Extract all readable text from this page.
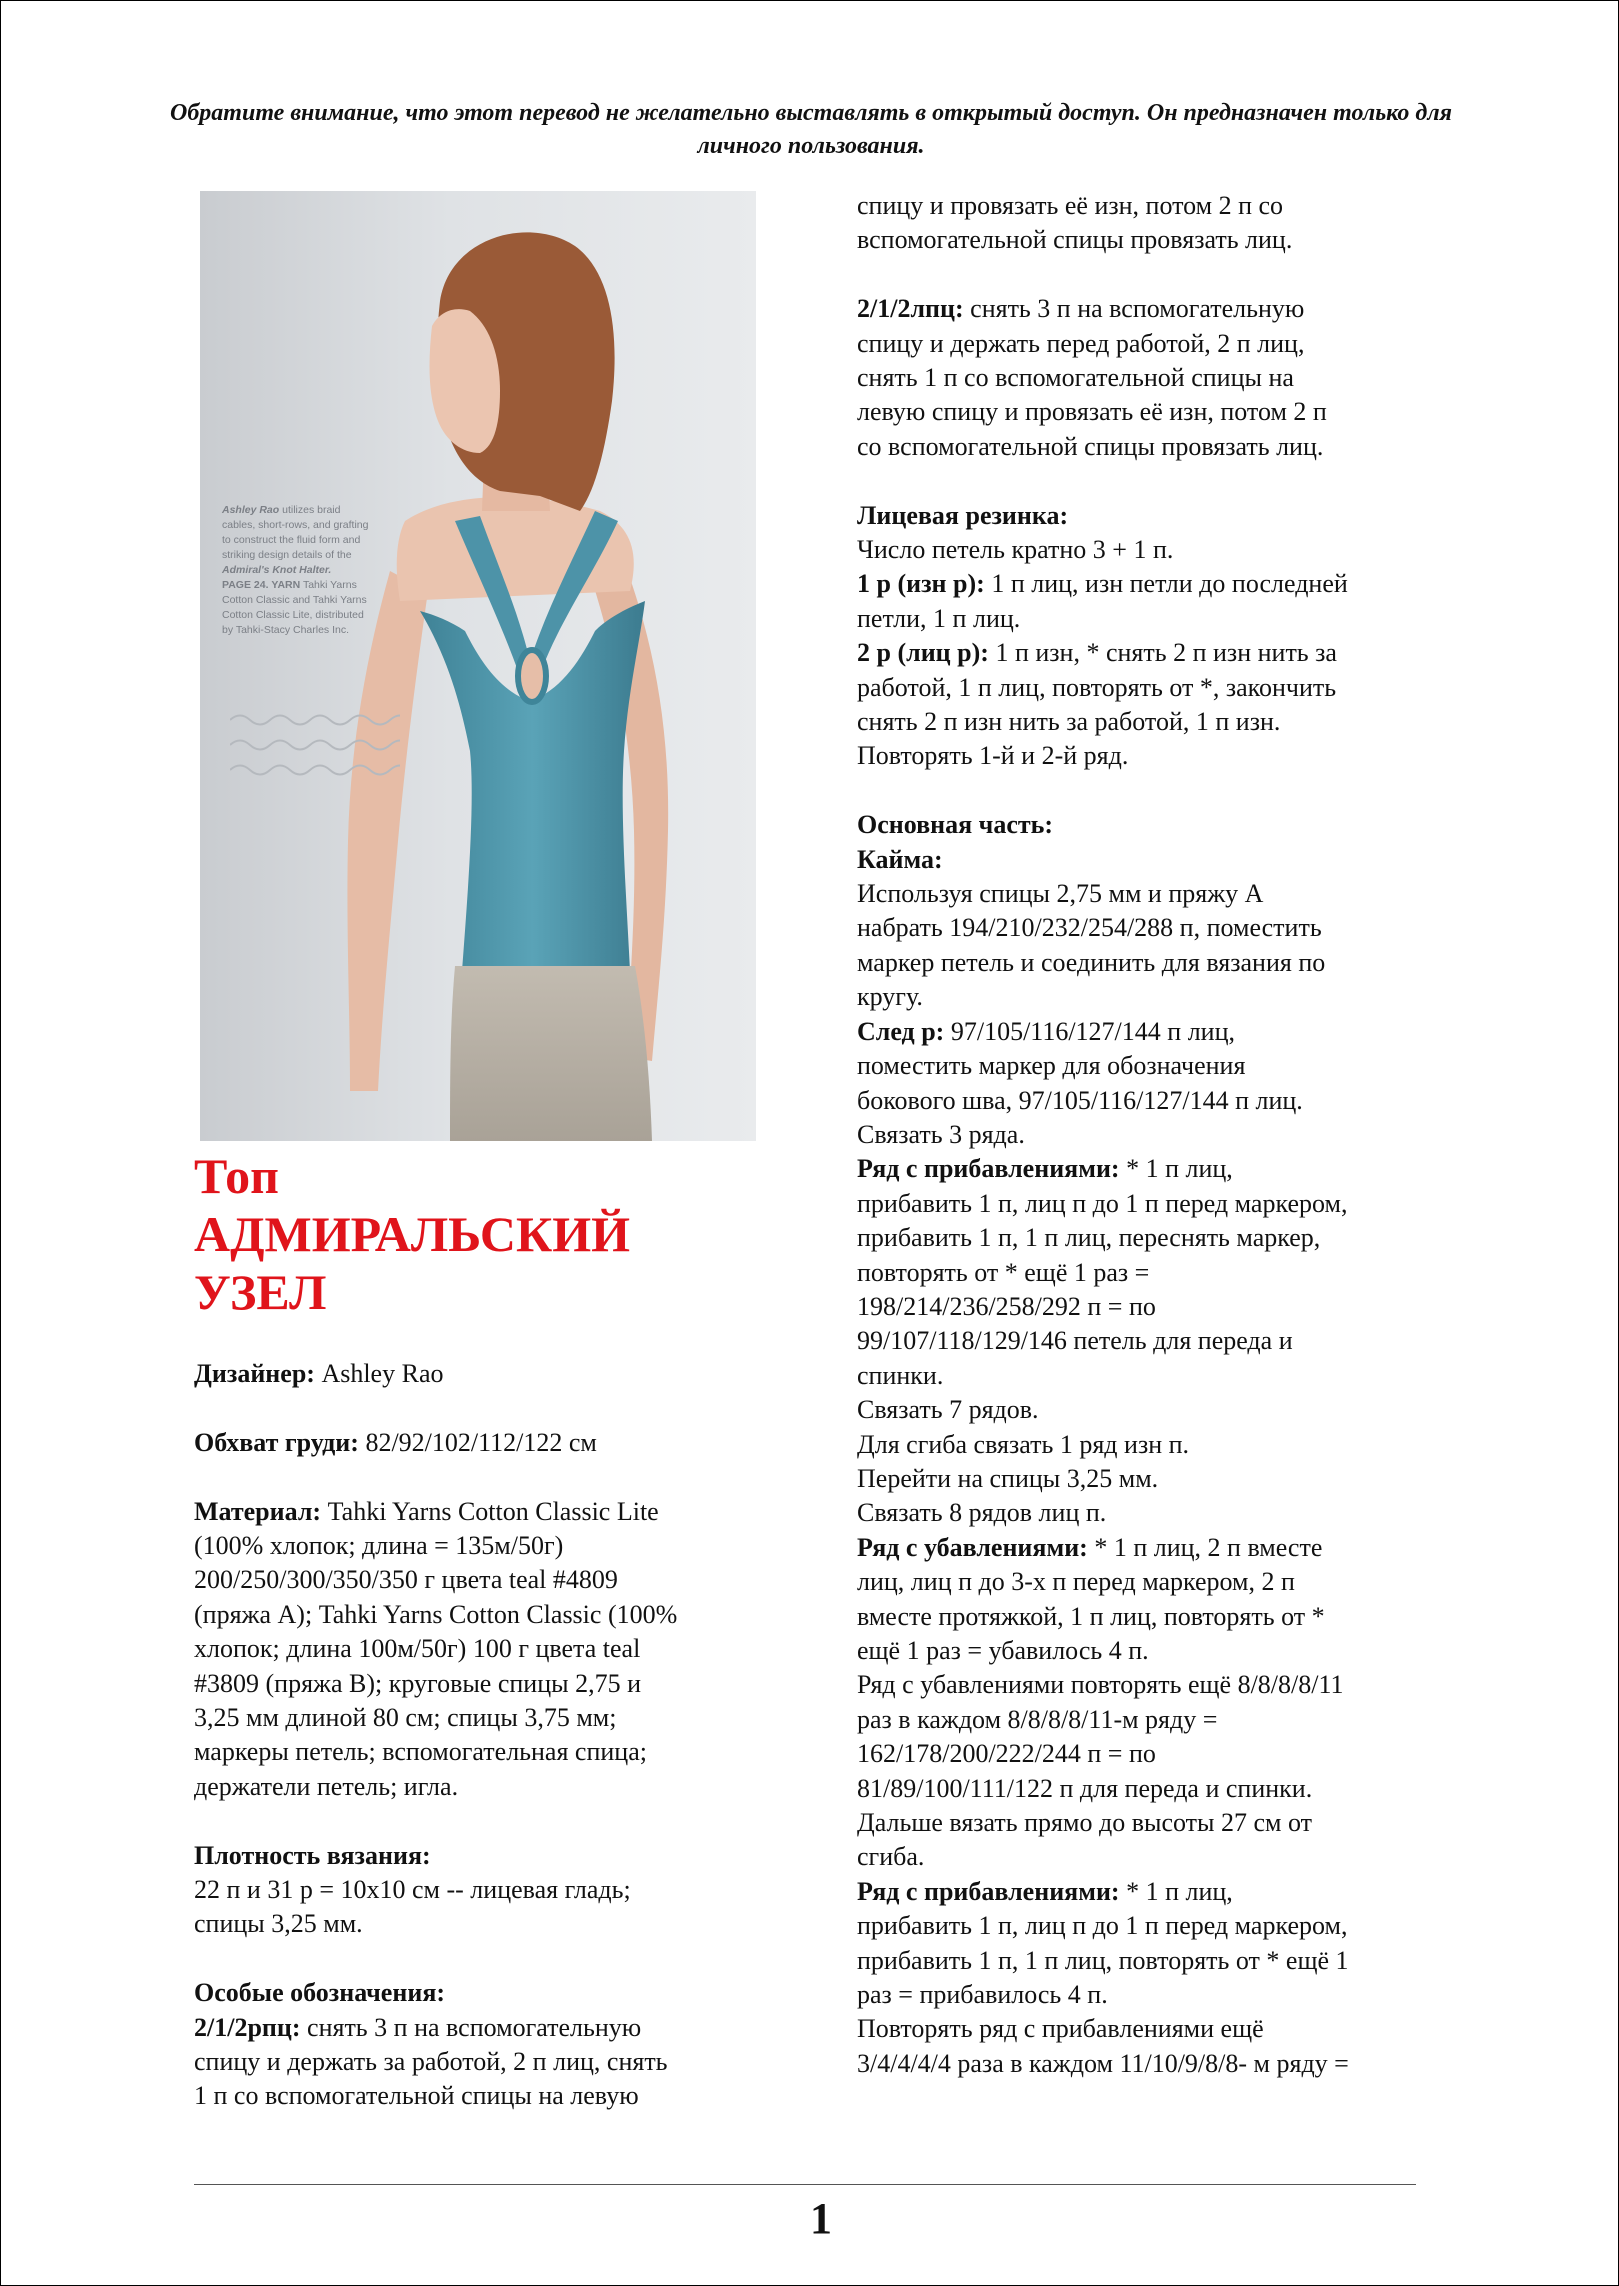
Обратите внимание, что этот перевод не желательно выставлять в открытый доступ. Он предназначен только для личного пользования.

Ashley Rao utilizes braid

cables, short-rows, and grafting

to construct the fluid form and

striking design details of the

Admiral's Knot Halter.

PAGE 24. YARN Tahki Yarns

Cotton Classic and Tahki Yarns

Cotton Classic Lite, distributed

by Tahki-Stacy Charles Inc.

Топ

АДМИРАЛЬСКИЙ

УЗЕЛ

Дизайнер: Ashley Rao

Обхват груди: 82/92/102/112/122 см

Материал: Tahki Yarns Cotton Classic Lite

(100% хлопок; длина = 135м/50г)

200/250/300/350/350 г цвета teal #4809

(пряжа А); Tahki Yarns Cotton Classic (100%

хлопок; длина 100м/50г) 100 г цвета teal

#3809 (пряжа В); круговые спицы 2,75 и

3,25 мм длиной 80 см; спицы 3,75 мм;

маркеры петель; вспомогательная спица;

держатели петель; игла.

Плотность вязания:

22 п и 31 р = 10х10 см -- лицевая гладь;

спицы 3,25 мм.

Особые обозначения:

2/1/2рпц: снять 3 п на вспомогательную

спицу и держать за работой, 2 п лиц, снять

1 п со вспомогательной спицы на левую

спицу и провязать её изн, потом 2 п со

вспомогательной спицы провязать лиц.

2/1/2лпц: снять 3 п на вспомогательную

спицу и держать перед работой, 2 п лиц,

снять 1 п со вспомогательной спицы на

левую спицу и провязать её изн, потом 2 п

со вспомогательной спицы провязать лиц.

Лицевая резинка:

Число петель кратно 3 + 1 п.

1 р (изн р): 1 п лиц, изн петли до последней

петли, 1 п лиц.

2 р (лиц р): 1 п изн, * снять 2 п изн нить за

работой, 1 п лиц, повторять от *, закончить

снять 2 п изн нить за работой, 1 п изн.

Повторять 1-й и 2-й ряд.

Основная часть:

Кайма:

Используя спицы 2,75 мм и пряжу А

набрать 194/210/232/254/288 п, поместить

маркер петель и соединить для вязания по

кругу.

След р: 97/105/116/127/144 п лиц,

поместить маркер для обозначения

бокового шва, 97/105/116/127/144 п лиц.

Связать 3 ряда.

Ряд с прибавлениями: * 1 п лиц,

прибавить 1 п, лиц п до 1 п перед маркером,

прибавить 1 п, 1 п лиц, переснять маркер,

повторять от * ещё 1 раз =

198/214/236/258/292 п = по

99/107/118/129/146 петель для переда и

спинки.

Связать 7 рядов.

Для сгиба связать 1 ряд изн п.

Перейти на спицы 3,25 мм.

Связать 8 рядов лиц п.

Ряд с убавлениями: * 1 п лиц, 2 п вместе

лиц, лиц п до 3-х п перед маркером, 2 п

вместе протяжкой, 1 п лиц, повторять от *

ещё 1 раз = убавилось 4 п.

Ряд с убавлениями повторять ещё 8/8/8/8/11

раз в каждом 8/8/8/8/11-м ряду =

162/178/200/222/244 п = по

81/89/100/111/122 п для переда и спинки.

Дальше вязать прямо до высоты 27 см от

сгиба.

Ряд с прибавлениями: * 1 п лиц,

прибавить 1 п, лиц п до 1 п перед маркером,

прибавить 1 п, 1 п лиц, повторять от * ещё 1

раз = прибавилось 4 п.

Повторять ряд с прибавлениями ещё

3/4/4/4/4 раза в каждом 11/10/9/8/8- м ряду =

1
